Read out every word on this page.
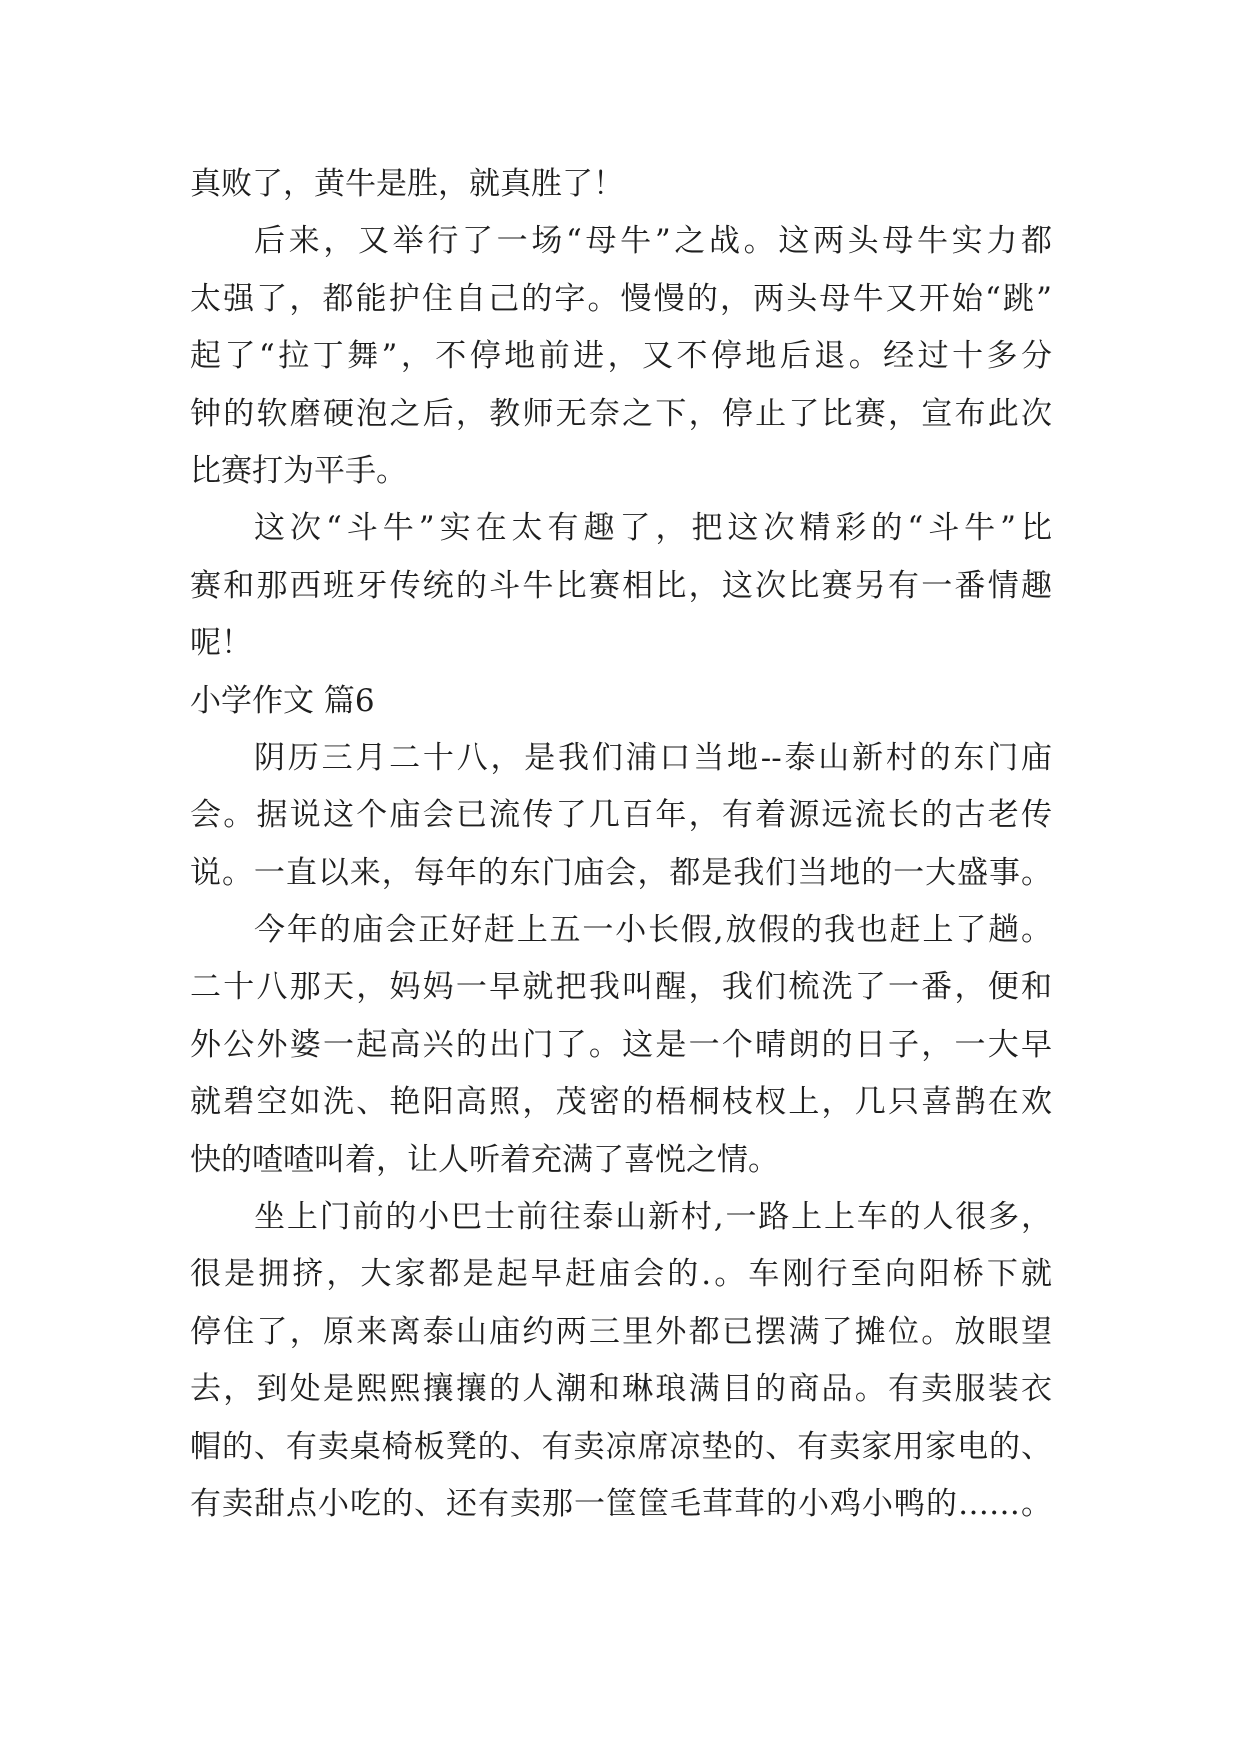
真败了，黄牛是胜，就真胜了！
后来，又举行了一场“母牛”之战。这两头母牛实力都
太强了，都能护住自己的字。慢慢的，两头母牛又开始“跳”
起了“拉丁舞”，不停地前进，又不停地后退。经过十多分
钟的软磨硬泡之后，教师无奈之下，停止了比赛，宣布此次
比赛打为平手。
这次“斗牛”实在太有趣了，把这次精彩的“斗牛”比
赛和那西班牙传统的斗牛比赛相比，这次比赛另有一番情趣
呢！
小学作文 篇6
阴历三月二十八，是我们浦口当地--泰山新村的东门庙
会。据说这个庙会已流传了几百年，有着源远流长的古老传
说。一直以来，每年的东门庙会，都是我们当地的一大盛事。
今年的庙会正好赶上五一小长假,放假的我也赶上了趟。
二十八那天，妈妈一早就把我叫醒，我们梳洗了一番，便和
外公外婆一起高兴的出门了。这是一个晴朗的日子，一大早
就碧空如洗、艳阳高照，茂密的梧桐枝杈上，几只喜鹊在欢
快的喳喳叫着，让人听着充满了喜悦之情。
坐上门前的小巴士前往泰山新村,一路上上车的人很多，
很是拥挤，大家都是起早赶庙会的.。车刚行至向阳桥下就
停住了，原来离泰山庙约两三里外都已摆满了摊位。放眼望
去，到处是熙熙攘攘的人潮和琳琅满目的商品。有卖服装衣
帽的、有卖桌椅板凳的、有卖凉席凉垫的、有卖家用家电的、
有卖甜点小吃的、还有卖那一筐筐毛茸茸的小鸡小鸭的……。
